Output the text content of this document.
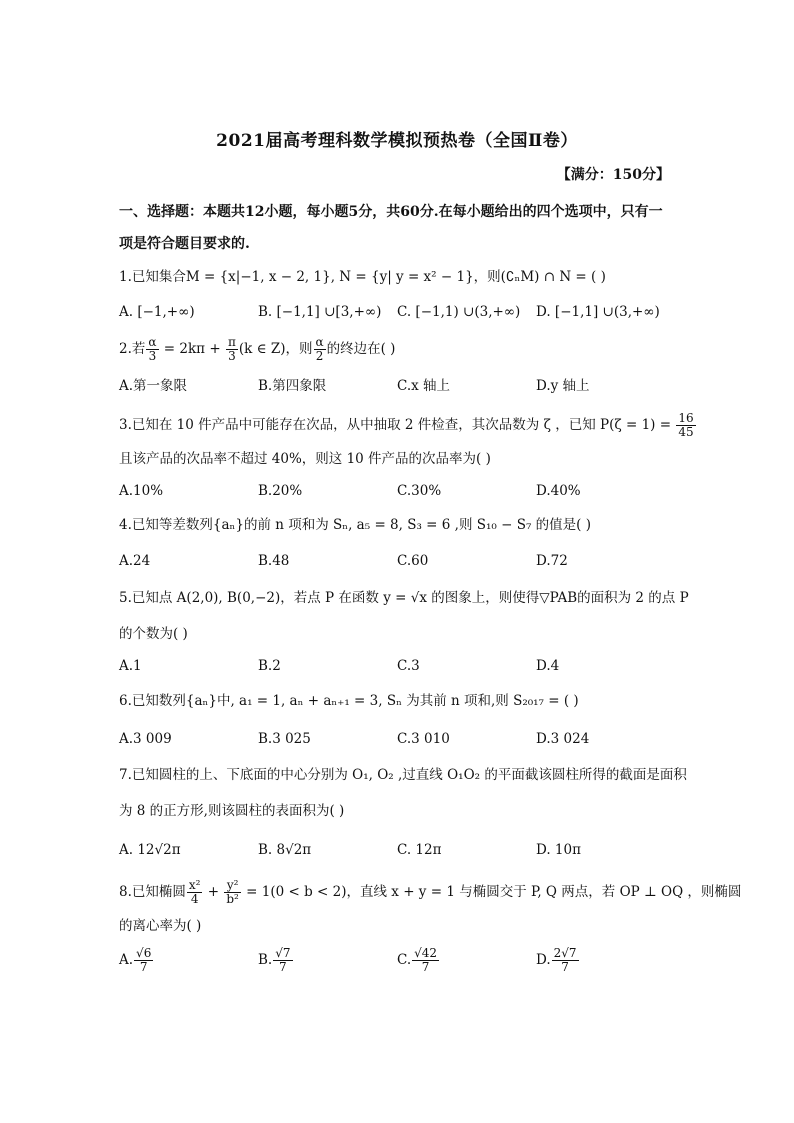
2021届高考理科数学模拟预热卷（全国Ⅱ卷）
【满分：150分】
一、选择题：本题共12小题，每小题5分，共60分.在每小题给出的四个选项中，只有一
项是符合题目要求的.
1.已知集合M = {x|−1, x − 2, 1}, N = {y| y = x² − 1}，则(∁ₙM) ∩ N = ( )
A. [−1,+∞)	B. [−1,1] ∪[3,+∞) C. [−1,1) ∪(3,+∞) D. [−1,1] ∪(3,+∞)
2.若 $\frac{\alpha}{3} = 2k\pi + \frac{\pi}{3} (k$ ∈ Z)，则 $\frac{\alpha}{2}$ 的终边在( )
A.第一象限	B.第四象限	C.x 轴上	D.y 轴上
3.已知在 10 件产品中可能存在次品，从中抽取 2 件检查，其次品数为 ζ ，已知 $P(\zeta = 1) = \frac{16}{45}$
且该产品的次品率不超过 40%，则这 10 件产品的次品率为( )
A.10%	B.20%	C.30%	D.40%
4.已知等差数列{aₙ}的前 n 项和为 Sₙ, a₅ = 8, S₃ = 6 ,则 S₁₀ − S₇ 的值是( )
A.24	B.48	C.60	D.72
5.已知点 A(2,0), B(0,−2)，若点 P 在函数 y = √x 的图象上，则使得▽PAB的面积为 2 的点 P
的个数为( )
A.1	B.2	C.3	D.4
6.已知数列{aₙ}中, a₁ = 1, aₙ + aₙ₊₁ = 3, Sₙ 为其前 n 项和,则 S₂₀₁₇ = ( )
A.3 009	B.3 025	C.3 010	D.3 024
7.已知圆柱的上、下底面的中心分别为 O₁, O₂ ,过直线 O₁O₂ 的平面截该圆柱所得的截面是面积
为 8 的正方形,则该圆柱的表面积为( )
A. 12√2π	B. 8√2π	C. 12π	D. 10π
8.已知椭圆 $\frac{\text{x²}}{4} + \frac{\text{y²}}{\text{b²}} = 1(0 < b < 2)$，直线 x + y = 1 与椭圆交于 P, Q 两点，若 OP ⊥ OQ ，则椭圆
的离心率为( )
A. $\frac{√6}{7}$	B. $\frac{√7}{7}$	C. $\frac{√42}{7}$	D. $\frac{2√7}{7}$
